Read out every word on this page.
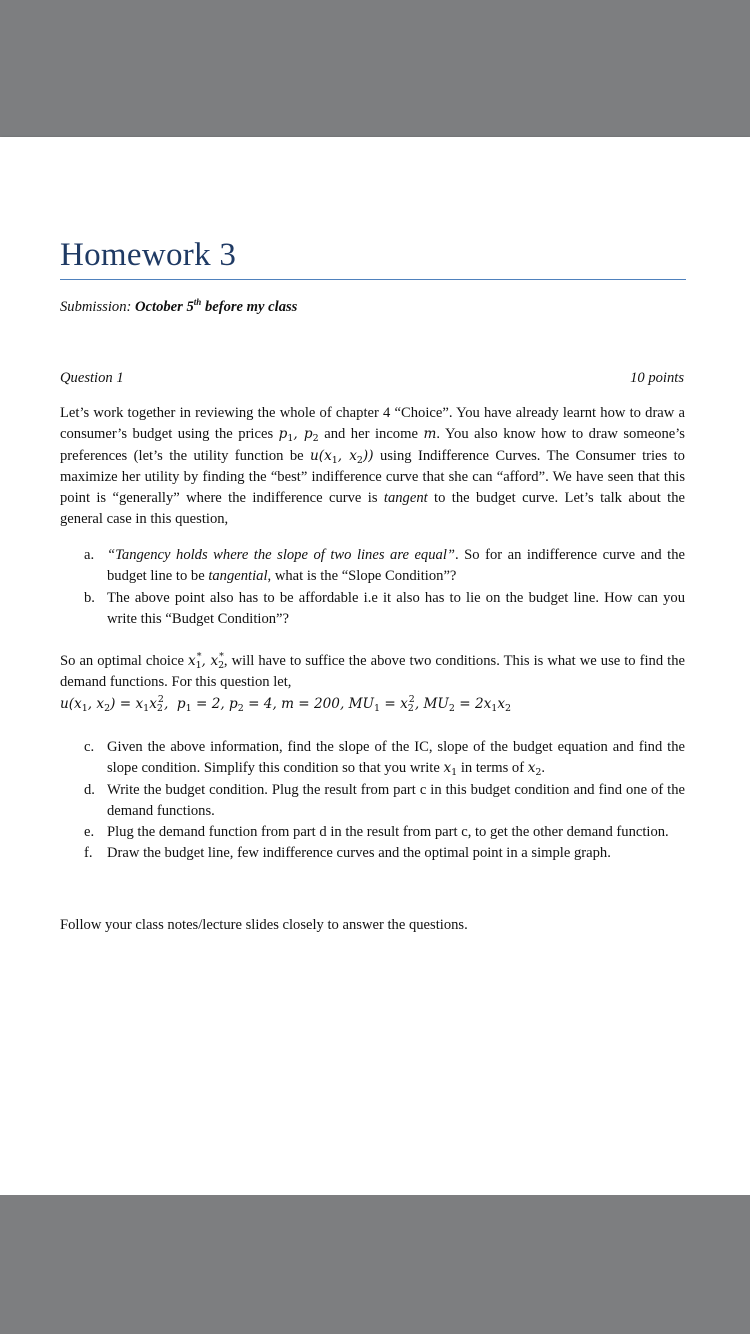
Homework 3
Submission: October 5th before my class
Question 1	10 points
Let’s work together in reviewing the whole of chapter 4 “Choice”. You have already learnt how to draw a consumer’s budget using the prices $p_1$, $p_2$ and her income m. You also know how to draw someone’s preferences (let’s the utility function be $u(x_1$, $x_2$)) using Indifference Curves. The Consumer tries to maximize her utility by finding the “best” indifference curve that she can “afford”. We have seen that this point is “generally” where the indifference curve is tangent to the budget curve. Let’s talk about the general case in this question,
a. “Tangency holds where the slope of two lines are equal”. So for an indifference curve and the budget line to be tangential, what is the “Slope Condition”?
b. The above point also has to be affordable i.e it also has to lie on the budget line. How can you write this “Budget Condition”?
So an optimal choice $x_1^*$, $x_2^*$, will have to suffice the above two conditions. This is what we use to find the demand functions. For this question let,
$u(x_1$, $x_2) = x_1x_2^2$,  $p_1 = 2$, $p_2 = 4$, m = 200, $MU_1 = x_2^2$, $MU_2 = 2x_1x_2$
c. Given the above information, find the slope of the IC, slope of the budget equation and find the slope condition. Simplify this condition so that you write $x_1$ in terms of $x_2$.
d. Write the budget condition. Plug the result from part c in this budget condition and find one of the demand functions.
e. Plug the demand function from part d in the result from part c, to get the other demand function.
f. Draw the budget line, few indifference curves and the optimal point in a simple graph.
Follow your class notes/lecture slides closely to answer the questions.
